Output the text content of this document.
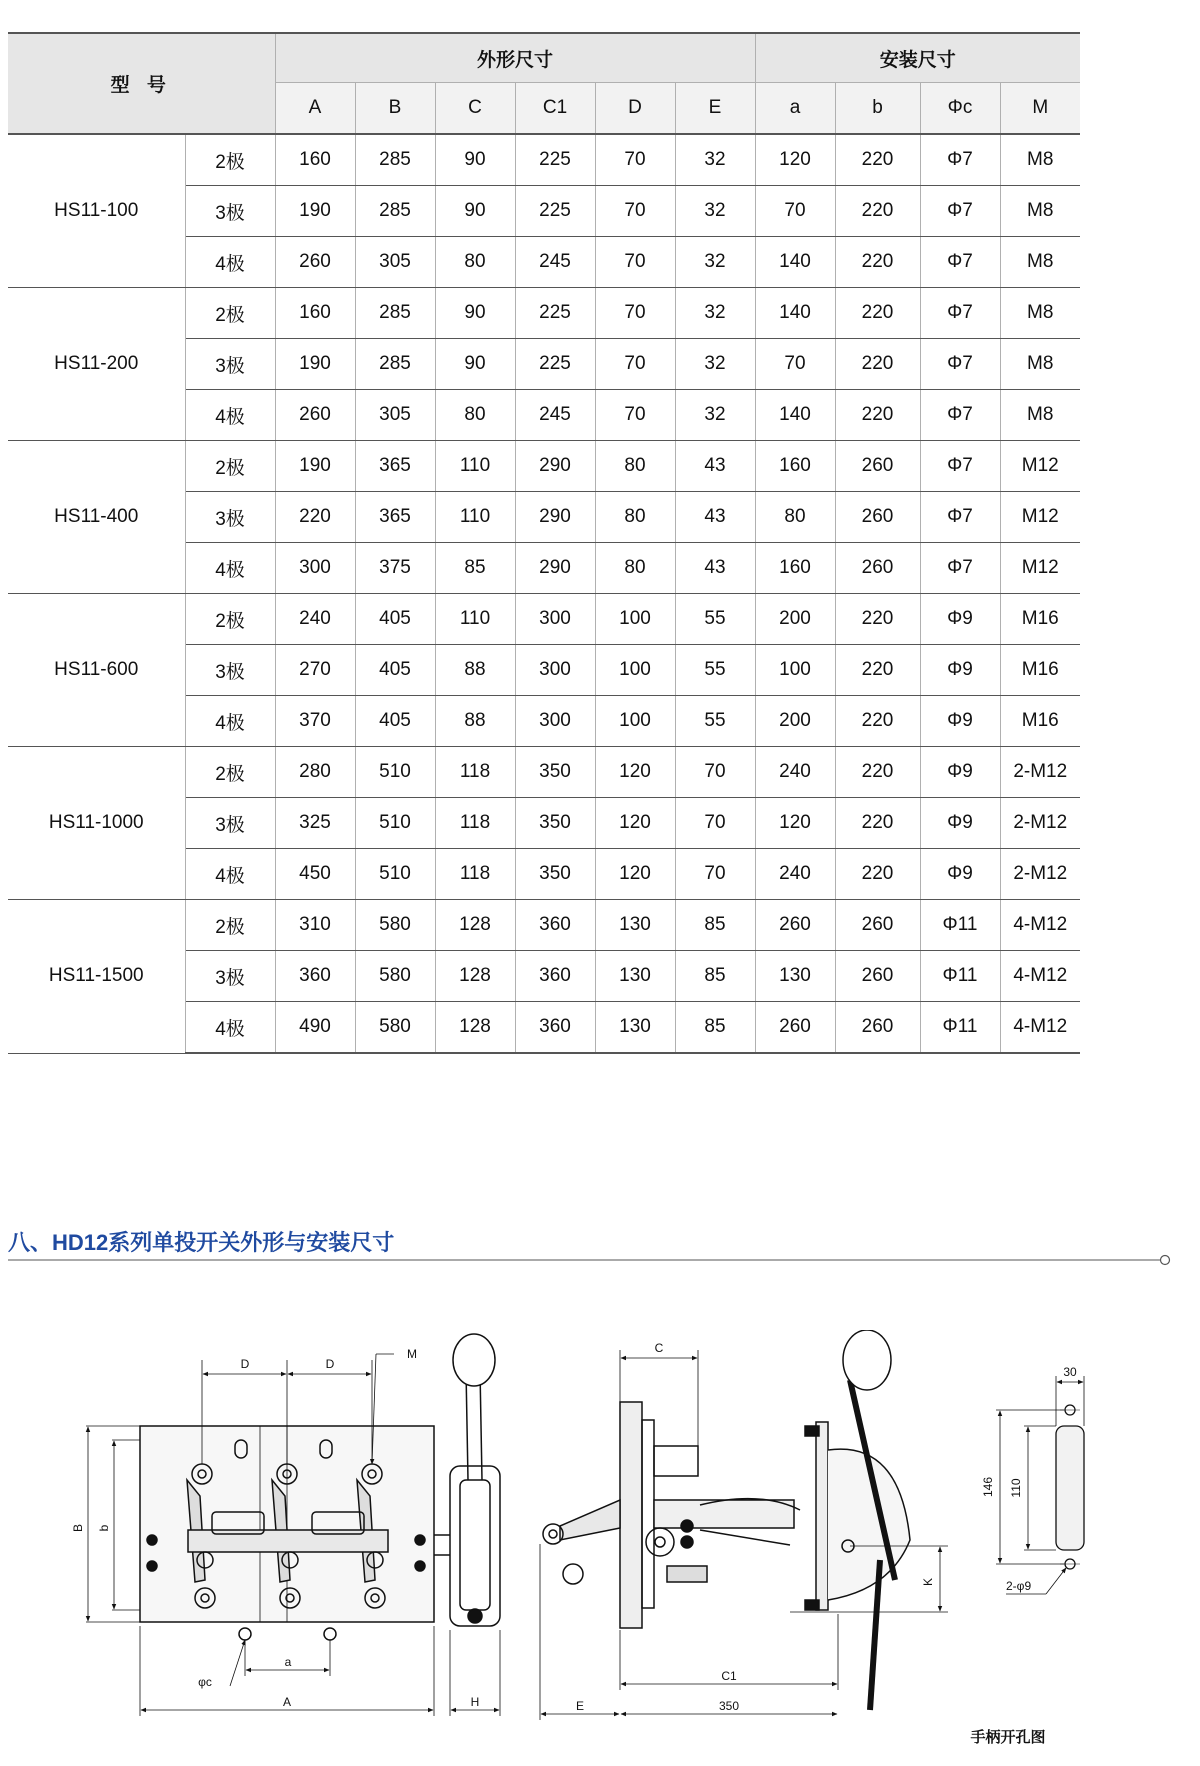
型 号		外形尺寸						安装尺寸			
		A	B	C	C1	D	E	a	b	Φc	M
HS11-100	2极	160	285	90	225	70	32	120	220	Φ7	M8
	3极	190	285	90	225	70	32	70	220	Φ7	M8
	4极	260	305	80	245	70	32	140	220	Φ7	M8
HS11-200	2极	160	285	90	225	70	32	140	220	Φ7	M8
	3极	190	285	90	225	70	32	70	220	Φ7	M8
	4极	260	305	80	245	70	32	140	220	Φ7	M8
HS11-400	2极	190	365	110	290	80	43	160	260	Φ7	M12
	3极	220	365	110	290	80	43	80	260	Φ7	M12
	4极	300	375	85	290	80	43	160	260	Φ7	M12
HS11-600	2极	240	405	110	300	100	55	200	220	Φ9	M16
	3极	270	405	88	300	100	55	100	220	Φ9	M16
	4极	370	405	88	300	100	55	200	220	Φ9	M16
HS11-1000	2极	280	510	118	350	120	70	240	220	Φ9	2-M12
	3极	325	510	118	350	120	70	120	220	Φ9	2-M12
	4极	450	510	118	350	120	70	240	220	Φ9	2-M12
HS11-1500	2极	310	580	128	360	130	85	260	260	Φ11	4-M12
	3极	360	580	128	360	130	85	130	260	Φ11	4-M12
	4极	490	580	128	360	130	85	260	260	Φ11	4-M12
八、HD12系列单投开关外形与安装尺寸
D	D
M
B b
φc
a
A	H
C
C1
E	350
K
30
146 110
2-φ9
手柄开孔图
